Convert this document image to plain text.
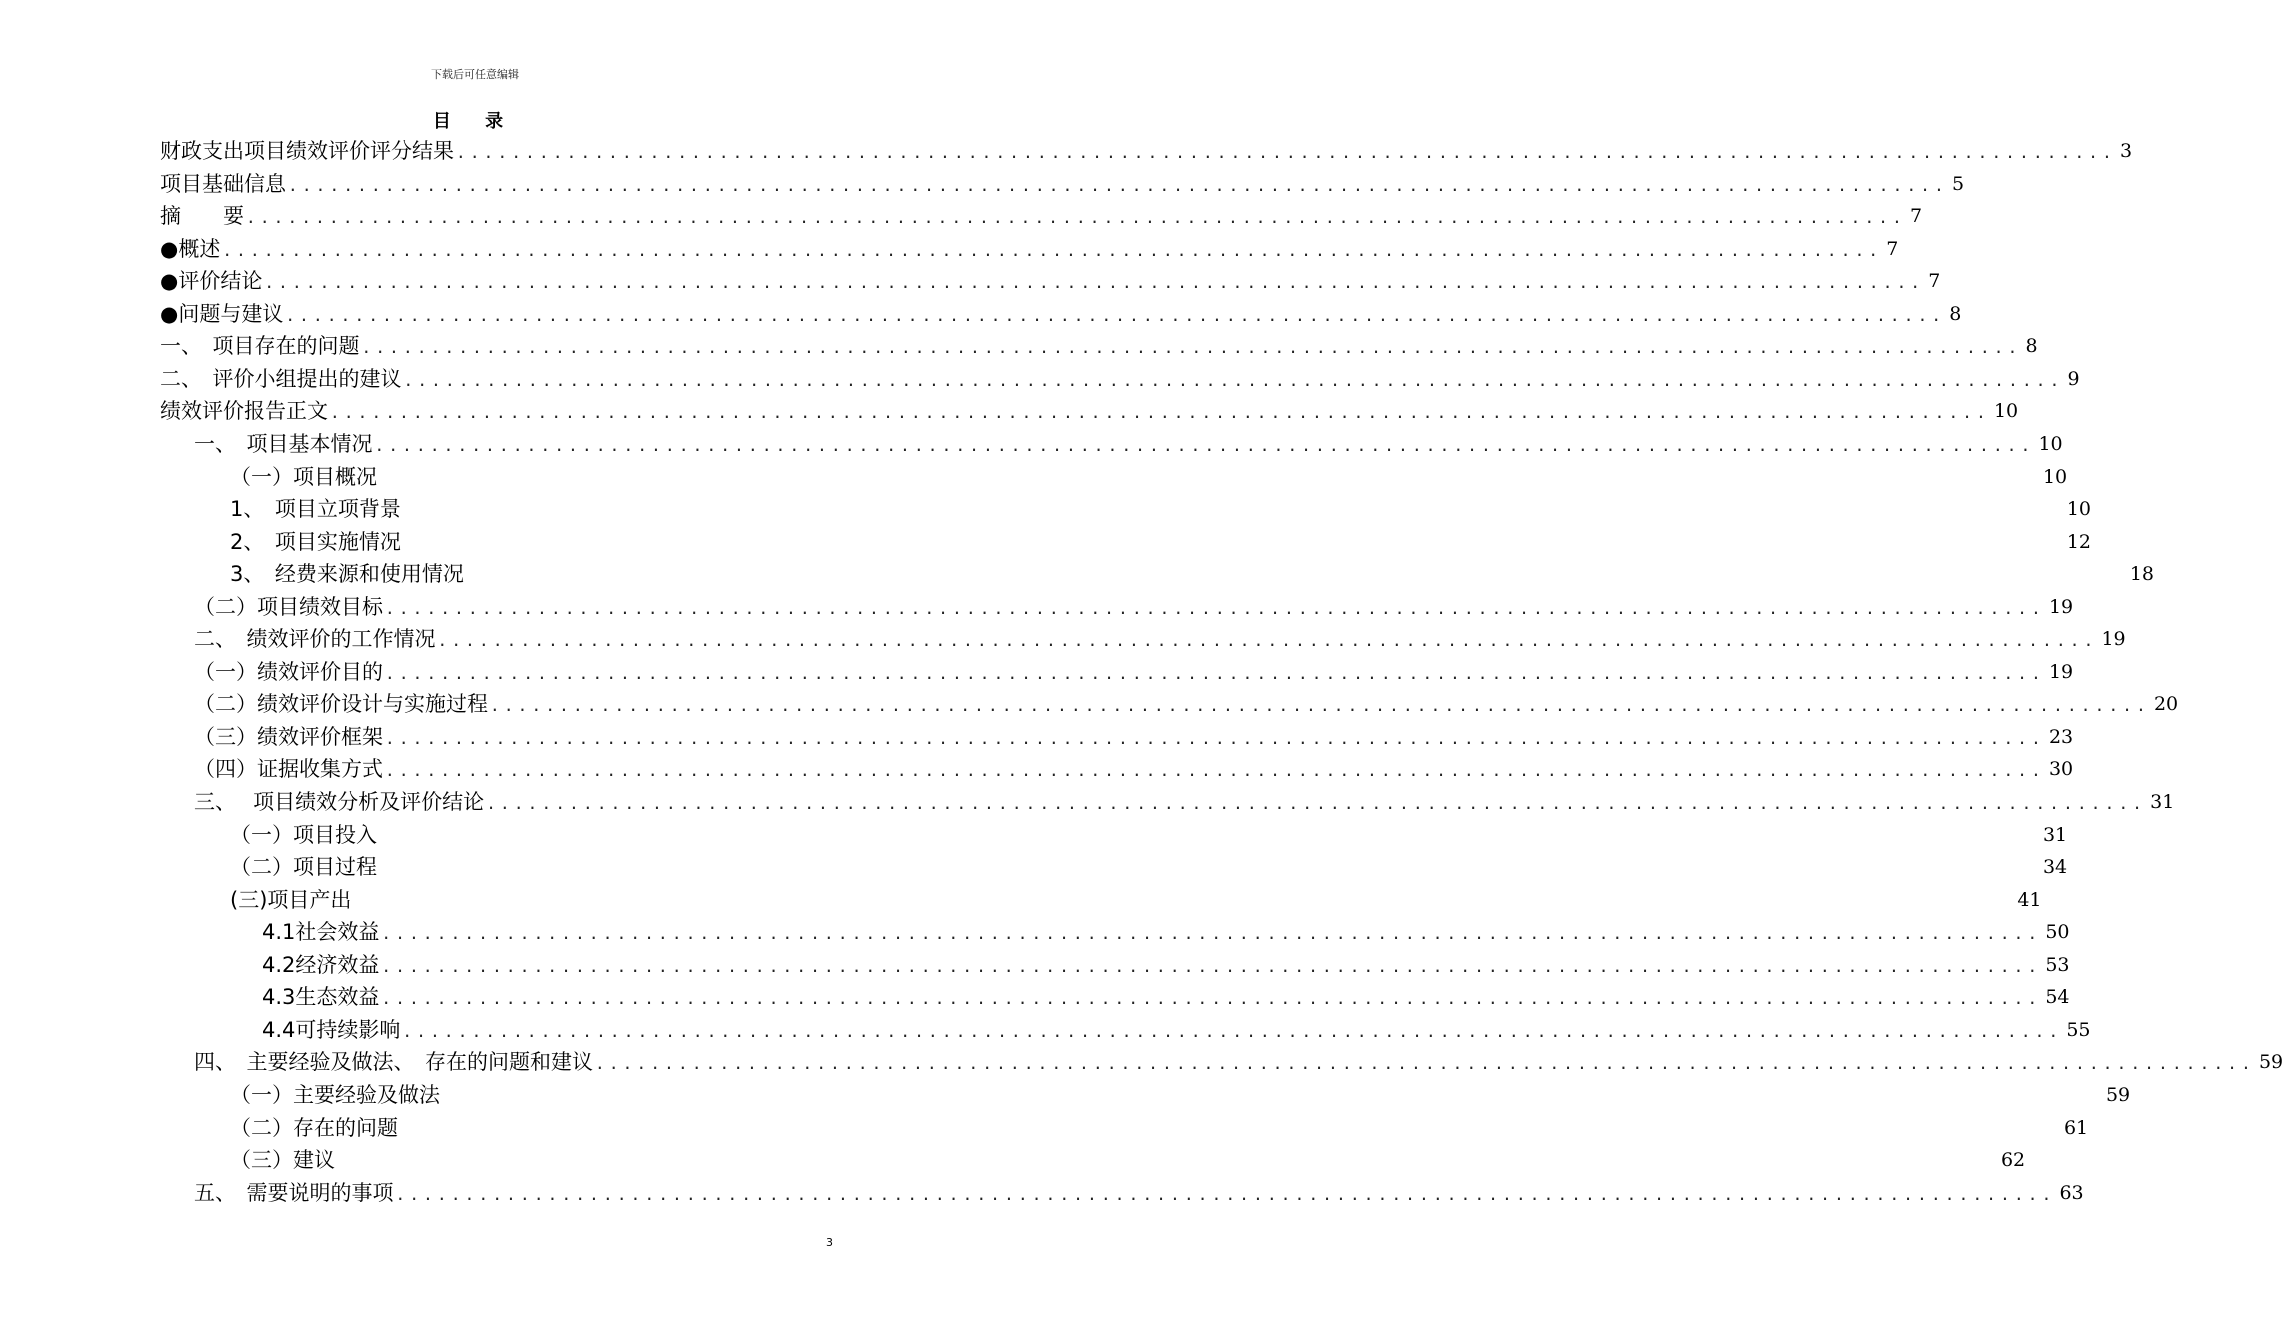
下载后可任意编辑
目 录
财政支出项目绩效评价评分结果 ........................................................................................................................ 3
项目基础信息 ........................................................................................................................ 5
摘　　要 ........................................................................................................................ 7
●概述 ........................................................................................................................ 7
●评价结论 ........................................................................................................................ 7
●问题与建议 ........................................................................................................................ 8
一、　项目存在的问题 ........................................................................................................................ 8
二、　评价小组提出的建议 ........................................................................................................................ 9
绩效评价报告正文 ........................................................................................................................ 10
一、　项目基本情况 ........................................................................................................................ 10
（一）项目概况	10
1、　项目立项背景	10
2、　项目实施情况	12
3、　经费来源和使用情况	18
（二）项目绩效目标 ........................................................................................................................ 19
二、　绩效评价的工作情况 ........................................................................................................................ 19
（一）绩效评价目的 ........................................................................................................................ 19
（二）绩效评价设计与实施过程 ........................................................................................................................ 20
（三）绩效评价框架 ........................................................................................................................ 23
（四）证据收集方式 ........................................................................................................................ 30
三、　 项目绩效分析及评价结论 ........................................................................................................................ 31
（一）项目投入	31
（二）项目过程	34
(三)项目产出	41
4.1社会效益 ........................................................................................................................ 50
4.2经济效益 ........................................................................................................................ 53
4.3生态效益 ........................................................................................................................ 54
4.4可持续影响 ........................................................................................................................ 55
四、　主要经验及做法、　存在的问题和建议 ........................................................................................................................ 59
（一）主要经验及做法	59
（二）存在的问题	61
（三）建议	62
五、　需要说明的事项 ........................................................................................................................ 63
3
